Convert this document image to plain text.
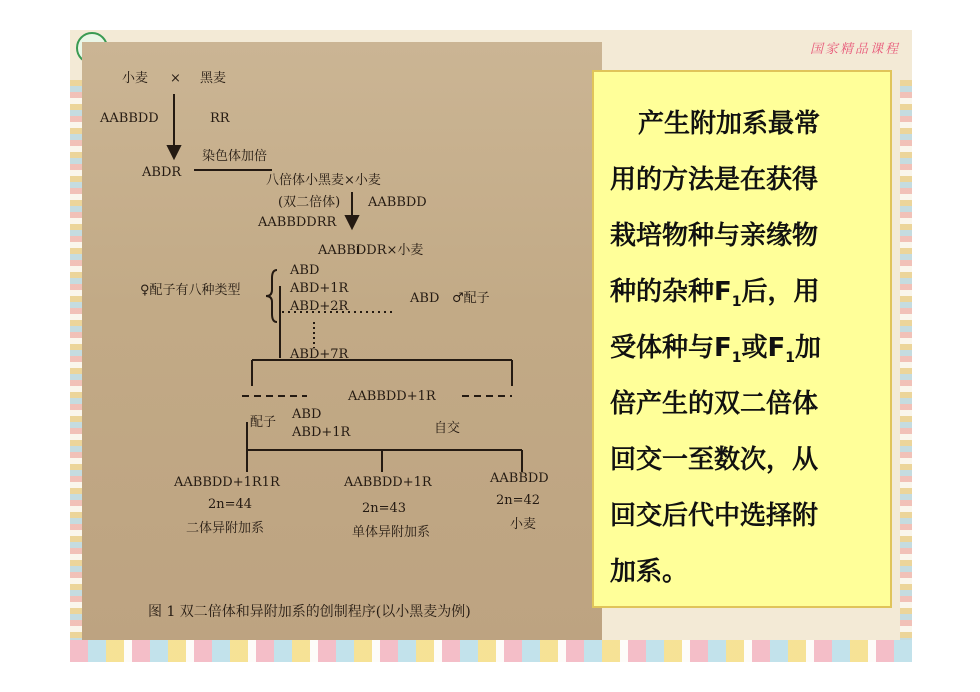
国家精品课程
小麦 × 黑麦
AABBDD	RR
染色体加倍
ABDR
八倍体小黑麦×小麦
(双二倍体) AABBDD
AABBDDRR
AABBDDR×小麦
♀配子有八种类型
ABD
ABD+1R
ABD+2R
ABD+7R
ABD ♂配子
AABBDD+1R
配子
ABD
ABD+1R	自交
AABBDD+1R1R
2n=44
二体异附加系
AABBDD+1R
2n=43
单体异附加系
AABBDD
2n=42
小麦
图 1 双二倍体和异附加系的创制程序(以小黑麦为例)
产生附加系最常
用的方法是在获得
栽培物种与亲缘物
种的杂种$F_1$后，用
受体种与$F_1$或$F_1$加
倍产生的双二倍体
回交一至数次，从
回交后代中选择附
加系。
